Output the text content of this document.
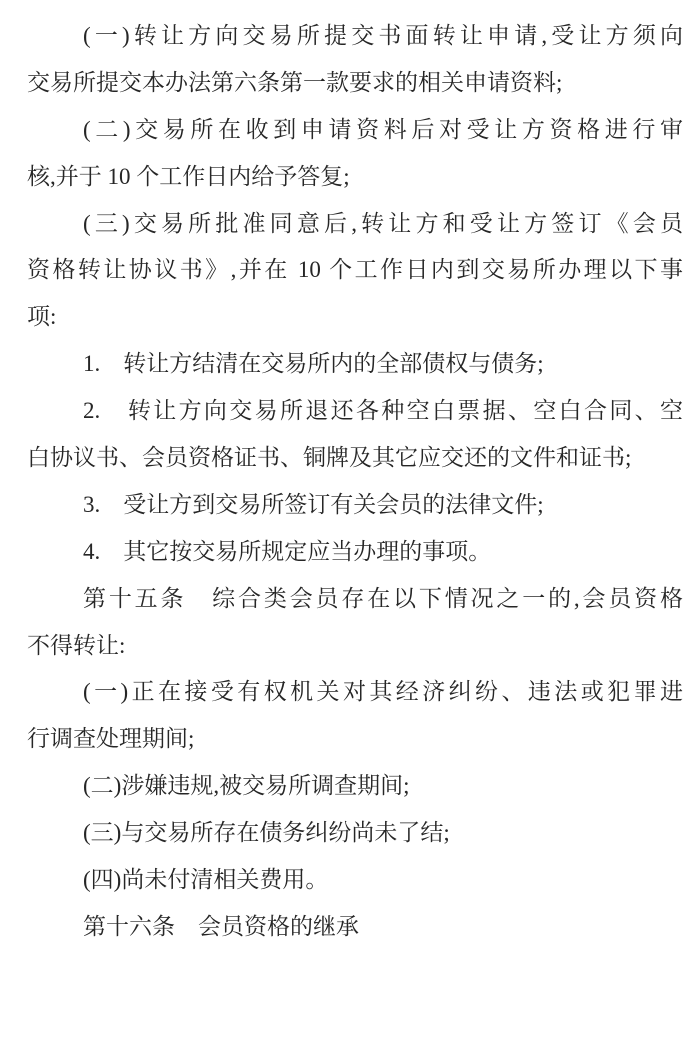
(一)转让方向交易所提交书面转让申请,受让方须向
交易所提交本办法第六条第一款要求的相关申请资料;
(二)交易所在收到申请资料后对受让方资格进行审
核,并于 10 个工作日内给予答复;
(三)交易所批准同意后,转让方和受让方签订《会员
资格转让协议书》,并在 10 个工作日内到交易所办理以下事
项:
1.　转让方结清在交易所内的全部债权与债务;
2.　转让方向交易所退还各种空白票据、空白合同、空
白协议书、会员资格证书、铜牌及其它应交还的文件和证书;
3.　受让方到交易所签订有关会员的法律文件;
4.　其它按交易所规定应当办理的事项。
第十五条　综合类会员存在以下情况之一的,会员资格
不得转让:
(一)正在接受有权机关对其经济纠纷、违法或犯罪进
行调查处理期间;
(二)涉嫌违规,被交易所调查期间;
(三)与交易所存在债务纠纷尚未了结;
(四)尚未付清相关费用。
第十六条　会员资格的继承
